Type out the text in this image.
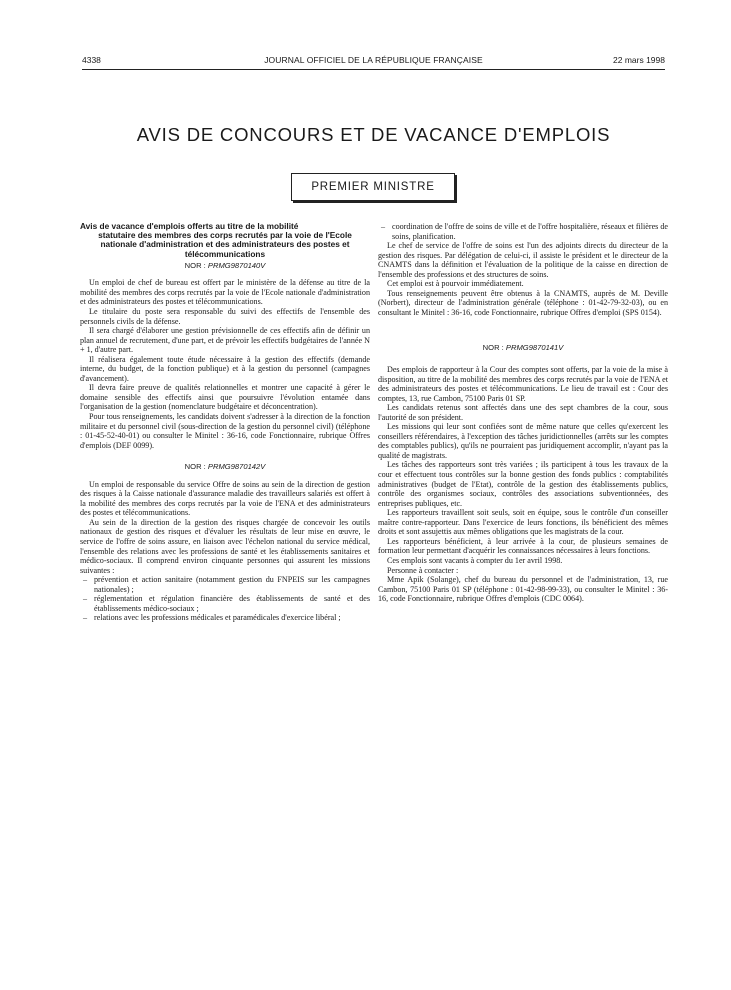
4338	JOURNAL OFFICIEL DE LA RÉPUBLIQUE FRANÇAISE	22 mars 1998
AVIS DE CONCOURS ET DE VACANCE D'EMPLOIS
PREMIER MINISTRE

Avis de vacance d'emplois offerts au titre de la mobilité

statutaire des membres des corps recrutés par la voie de l'Ecole nationale d'administration et des administrateurs des postes et télécommunications

NOR : PRMG9870140V

Un emploi de chef de bureau est offert par le ministère de la défense au titre de la mobilité des membres des corps recrutés par la voie de l'Ecole nationale d'administration et des administrateurs des postes et télécommunications.

Le titulaire du poste sera responsable du suivi des effectifs de l'ensemble des personnels civils de la défense.

Il sera chargé d'élaborer une gestion prévisionnelle de ces effectifs afin de définir un plan annuel de recrutement, d'une part, et de prévoir les effectifs budgétaires de l'année N + 1, d'autre part.

Il réalisera également toute étude nécessaire à la gestion des effectifs (demande interne, du budget, de la fonction publique) et à la gestion du personnel (campagnes d'avancement).

Il devra faire preuve de qualités relationnelles et montrer une capacité à gérer le domaine sensible des effectifs ainsi que poursuivre l'évolution entamée dans l'organisation de la gestion (nomenclature budgétaire et déconcentration).

Pour tous renseignements, les candidats doivent s'adresser à la direction de la fonction militaire et du personnel civil (sous-direction de la gestion du personnel civil) (téléphone : 01-45-52-40-01) ou consulter le Minitel : 36-16, code Fonctionnaire, rubrique Offres d'emplois (DEF 0099).

NOR : PRMG9870142V

Un emploi de responsable du service Offre de soins au sein de la direction de gestion des risques à la Caisse nationale d'assurance maladie des travailleurs salariés est offert à la mobilité des membres des corps recrutés par la voie de l'ENA et des administrateurs des postes et télécommunications.

Au sein de la direction de la gestion des risques chargée de concevoir les outils nationaux de gestion des risques et d'évaluer les résultats de leur mise en œuvre, le service de l'offre de soins assure, en liaison avec l'échelon national du service médical, l'ensemble des relations avec les professions de santé et les établissements sanitaires et médico-sociaux. Il comprend environ cinquante personnes qui assurent les missions suivantes :

– prévention et action sanitaire (notamment gestion du FNPEIS sur les campagnes nationales) ;
– réglementation et régulation financière des établissements de santé et des établissements médico-sociaux ;
– relations avec les professions médicales et paramédicales d'exercice libéral ;
– coordination de l'offre de soins de ville et de l'offre hospitalière, réseaux et filières de soins, planification.

Le chef de service de l'offre de soins est l'un des adjoints directs du directeur de la gestion des risques. Par délégation de celui-ci, il assiste le président et le directeur de la CNAMTS dans la définition et l'évaluation de la politique de la caisse en direction de l'ensemble des professions et des structures de soins.

Cet emploi est à pourvoir immédiatement.

Tous renseignements peuvent être obtenus à la CNAMTS, auprès de M. Deville (Norbert), directeur de l'administration générale (téléphone : 01-42-79-32-03), ou en consultant le Minitel : 36-16, code Fonctionnaire, rubrique Offres d'emploi (SPS 0154).

NOR : PRMG9870141V

Des emplois de rapporteur à la Cour des comptes sont offerts, par la voie de la mise à disposition, au titre de la mobilité des membres des corps recrutés par la voie de l'ENA et des administrateurs des postes et télécommunications. Le lieu de travail est : Cour des comptes, 13, rue Cambon, 75100 Paris 01 SP.

Les candidats retenus sont affectés dans une des sept chambres de la cour, sous l'autorité de son président.

Les missions qui leur sont confiées sont de même nature que celles qu'exercent les conseillers référendaires, à l'exception des tâches juridictionnelles (arrêts sur les comptes des comptables publics), qu'ils ne pourraient pas juridiquement accomplir, n'ayant pas la qualité de magistrats.

Les tâches des rapporteurs sont très variées ; ils participent à tous les travaux de la cour et effectuent tous contrôles sur la bonne gestion des fonds publics : comptabilités administratives (budget de l'Etat), contrôle de la gestion des établissements publics, contrôle des organismes sociaux, contrôles des associations subventionnées, des entreprises publiques, etc.

Les rapporteurs travaillent soit seuls, soit en équipe, sous le contrôle d'un conseiller maître contre-rapporteur. Dans l'exercice de leurs fonctions, ils bénéficient des mêmes droits et sont assujettis aux mêmes obligations que les magistrats de la cour.

Les rapporteurs bénéficient, à leur arrivée à la cour, de plusieurs semaines de formation leur permettant d'acquérir les connaissances nécessaires à leurs fonctions.

Ces emplois sont vacants à compter du 1er avril 1998.

Personne à contacter :

Mme Apik (Solange), chef du bureau du personnel et de l'administration, 13, rue Cambon, 75100 Paris 01 SP (téléphone : 01-42-98-99-33), ou consulter le Minitel : 36-16, code Fonctionnaire, rubrique Offres d'emplois (CDC 0064).
